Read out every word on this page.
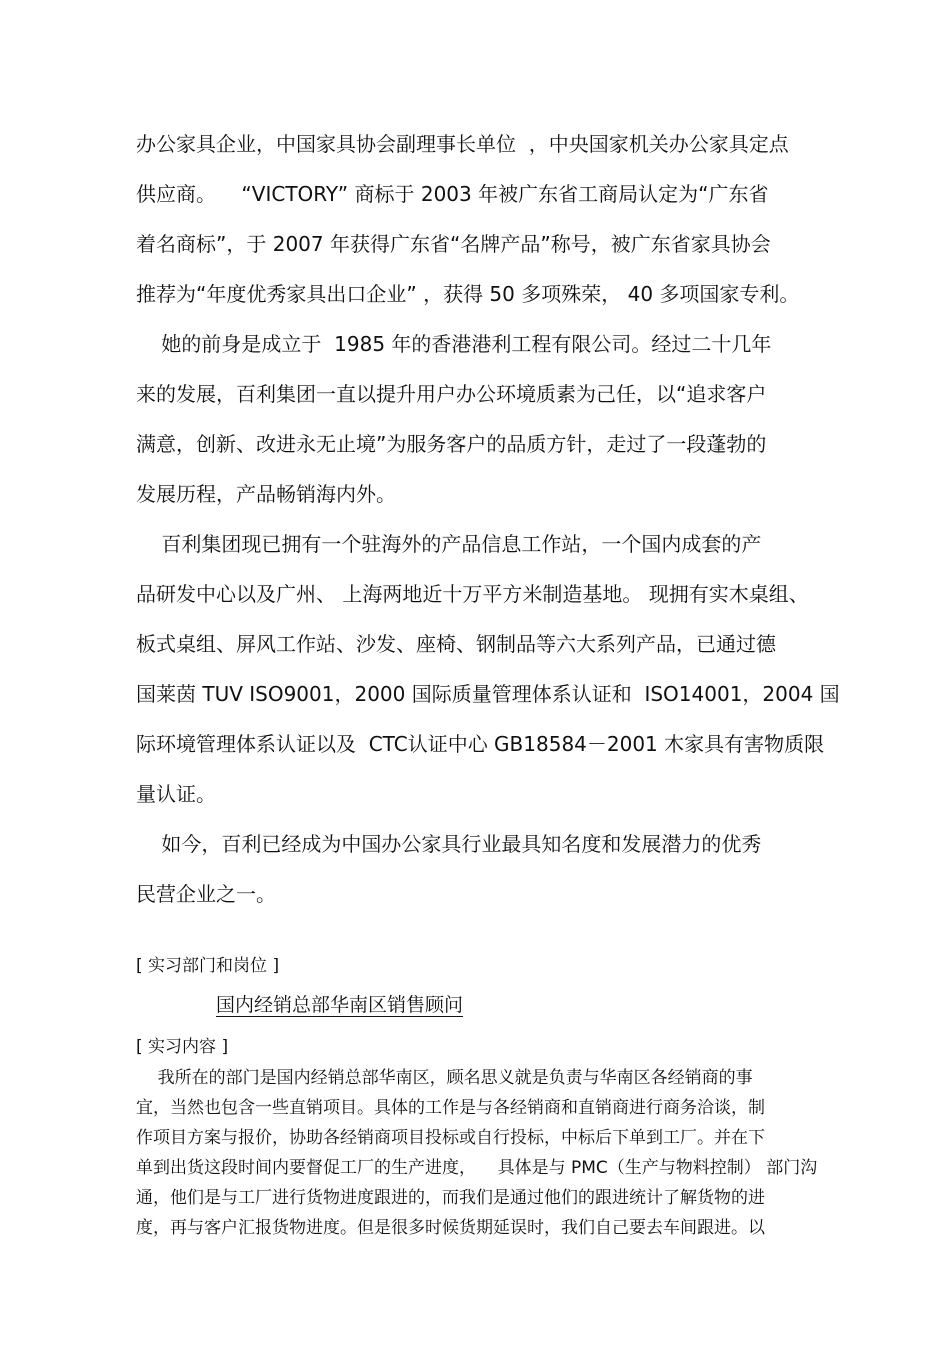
办公家具企业，中国家具协会副理事长单位  ，中央国家机关办公家具定点
供应商。    “VICTORY” 商标于 2003 年被广东省工商局认定为“广东省
着名商标”，于 2007 年获得广东省“名牌产品”称号，被广东省家具协会
推荐为“年度优秀家具出口企业” ，获得 50 多项殊荣， 40 多项国家专利。
她的前身是成立于  1985 年的香港港利工程有限公司。经过二十几年
来的发展，百利集团一直以提升用户办公环境质素为己任，以“追求客户
满意，创新、改进永无止境”为服务客户的品质方针，走过了一段蓬勃的
发展历程，产品畅销海内外。
百利集团现已拥有一个驻海外的产品信息工作站，一个国内成套的产
品研发中心以及广州、 上海两地近十万平方米制造基地。 现拥有实木桌组、
板式桌组、屏风工作站、沙发、座椅、钢制品等六大系列产品，已通过德
国莱茵 TUV ISO9001，2000 国际质量管理体系认证和  ISO14001，2004 国
际环境管理体系认证以及  CTC认证中心 GB18584－2001 木家具有害物质限
量认证。
如今，百利已经成为中国办公家具行业最具知名度和发展潜力的优秀
民营企业之一。
[ 实习部门和岗位 ]
国内经销总部华南区销售顾问
[ 实习内容 ]
我所在的部门是国内经销总部华南区，顾名思义就是负责与华南区各经销商的事
宜，当然也包含一些直销项目。具体的工作是与各经销商和直销商进行商务洽谈，制
作项目方案与报价，协助各经销商项目投标或自行投标，中标后下单到工厂。并在下
单到出货这段时间内要督促工厂的生产进度，    具体是与 PMC（生产与物料控制） 部门沟
通，他们是与工厂进行货物进度跟进的，而我们是通过他们的跟进统计了解货物的进
度，再与客户汇报货物进度。但是很多时候货期延误时，我们自己要去车间跟进。以
